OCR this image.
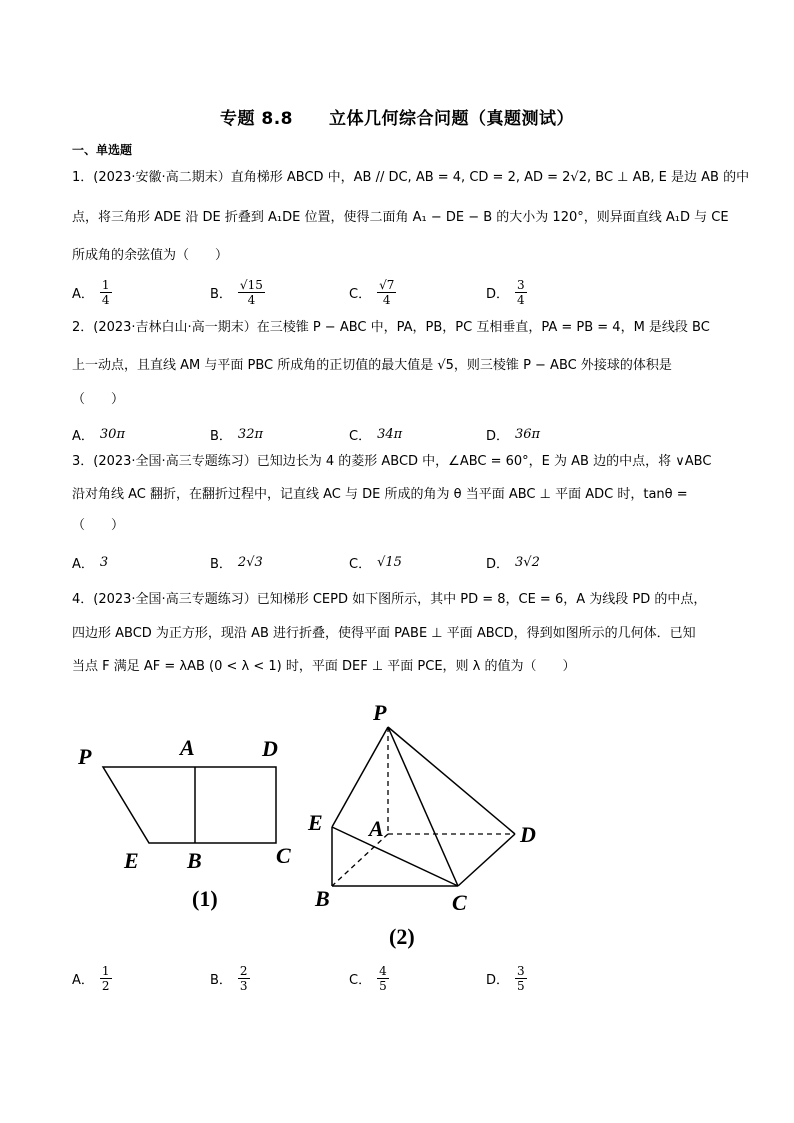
专题 8.8 立体几何综合问题（真题测试）
一、单选题
1．(2023·安徽·高二期末）直角梯形 ABCD 中，AB // DC, AB = 4, CD = 2, AD = 2√2, BC ⊥ AB, E 是边 AB 的中
点，将三角形 ADE 沿 DE 折叠到 A₁DE 位置，使得二面角 A₁ − DE − B 的大小为 120°，则异面直线 A₁D 与 CE
所成角的余弦值为（　　）
A． $\frac{1}{4}$	B． $\frac{√15}{4}$	C． $\frac{√7}{4}$	D． $\frac{3}{4}$
2．(2023·吉林白山·高一期末）在三棱锥 P − ABC 中，PA，PB，PC 互相垂直，PA = PB = 4，M 是线段 BC
上一动点，且直线 AM 与平面 PBC 所成角的正切值的最大值是 √5，则三棱锥 P − ABC 外接球的体积是
（　　）
A． 30π	B． 32π	C． 34π	D． 36π
3．(2023·全国·高三专题练习）已知边长为 4 的菱形 ABCD 中，∠ABC = 60°，E 为 AB 边的中点，将 ∨ABC
沿对角线 AC 翻折，在翻折过程中，记直线 AC 与 DE 所成的角为 θ 当平面 ABC ⊥ 平面 ADC 时，tanθ =
（　　）
A． 3	B． 2√3	C． √15	D． 3√2
4．(2023·全国·高三专题练习）已知梯形 CEPD 如下图所示，其中 PD = 8，CE = 6，A 为线段 PD 的中点，
四边形 ABCD 为正方形，现沿 AB 进行折叠，使得平面 PABE ⊥ 平面 ABCD，得到如图所示的几何体．已知
当点 F 满足 AF = λAB (0 < λ < 1) 时，平面 DEF ⊥ 平面 PCE，则 λ 的值为（　　）
P	A	D
E B	C
(1)
P
E A	D
B	C
(2)
A． $\frac{1}{2}$	B． $\frac{2}{3}$	C． $\frac{4}{5}$	D． $\frac{3}{5}$
